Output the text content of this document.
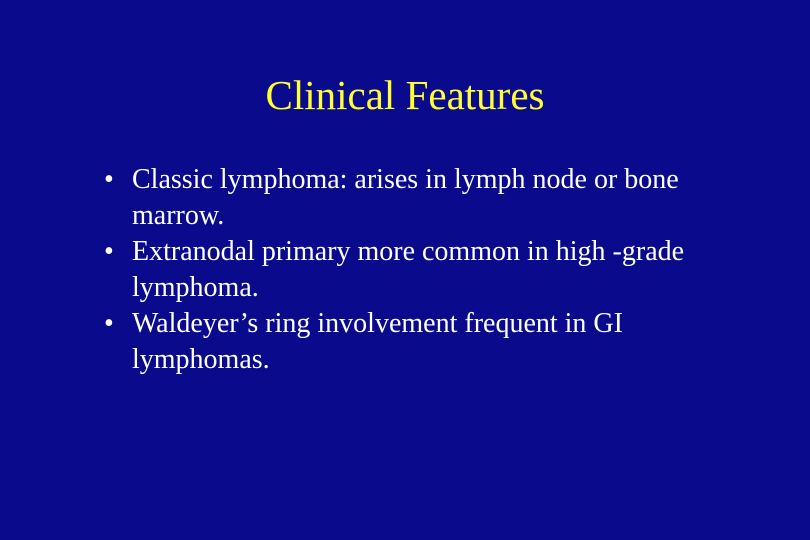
Clinical Features
• Classic lymphoma: arises in lymph node or bone marrow.
• Extranodal primary more common in high -grade lymphoma.
• Waldeyer’s ring involvement frequent in GI lymphomas.
